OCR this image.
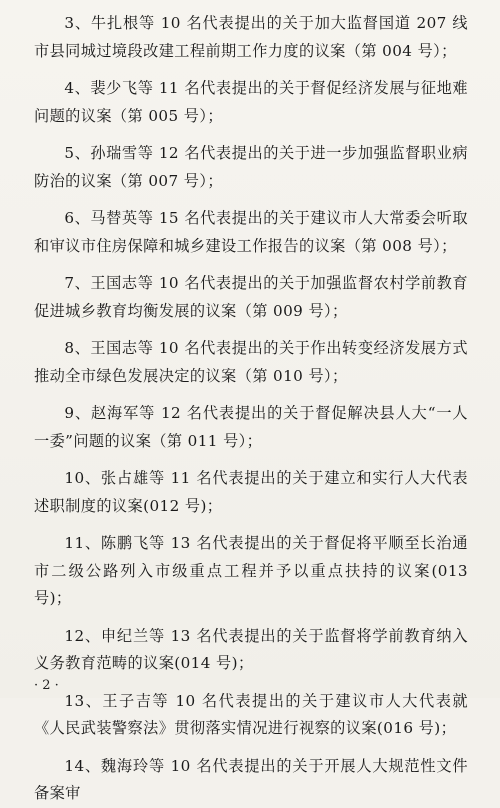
3、牛扎根等 10 名代表提出的关于加大监督国道 207 线市县同城过境段改建工程前期工作力度的议案（第 004 号）；

4、裴少飞等 11 名代表提出的关于督促经济发展与征地难问题的议案（第 005 号）；

5、孙瑞雪等 12 名代表提出的关于进一步加强监督职业病防治的议案（第 007 号）；

6、马替英等 15 名代表提出的关于建议市人大常委会听取和审议市住房保障和城乡建设工作报告的议案（第 008 号）；

7、王国志等 10 名代表提出的关于加强监督农村学前教育促进城乡教育均衡发展的议案（第 009 号）；

8、王国志等 10 名代表提出的关于作出转变经济发展方式推动全市绿色发展决定的议案（第 010 号）；

9、赵海军等 12 名代表提出的关于督促解决县人大“一人一委”问题的议案（第 011 号）；

10、张占雄等 11 名代表提出的关于建立和实行人大代表述职制度的议案(012 号)；

11、陈鹏飞等 13 名代表提出的关于督促将平顺至长治通市二级公路列入市级重点工程并予以重点扶持的议案(013 号)；

12、申纪兰等 13 名代表提出的关于监督将学前教育纳入义务教育范畴的议案(014 号)；

13、王子吉等 10 名代表提出的关于建议市人大代表就《人民武装警察法》贯彻落实情况进行视察的议案(016 号)；

14、魏海玲等 10 名代表提出的关于开展人大规范性文件备案审

· 2 ·
